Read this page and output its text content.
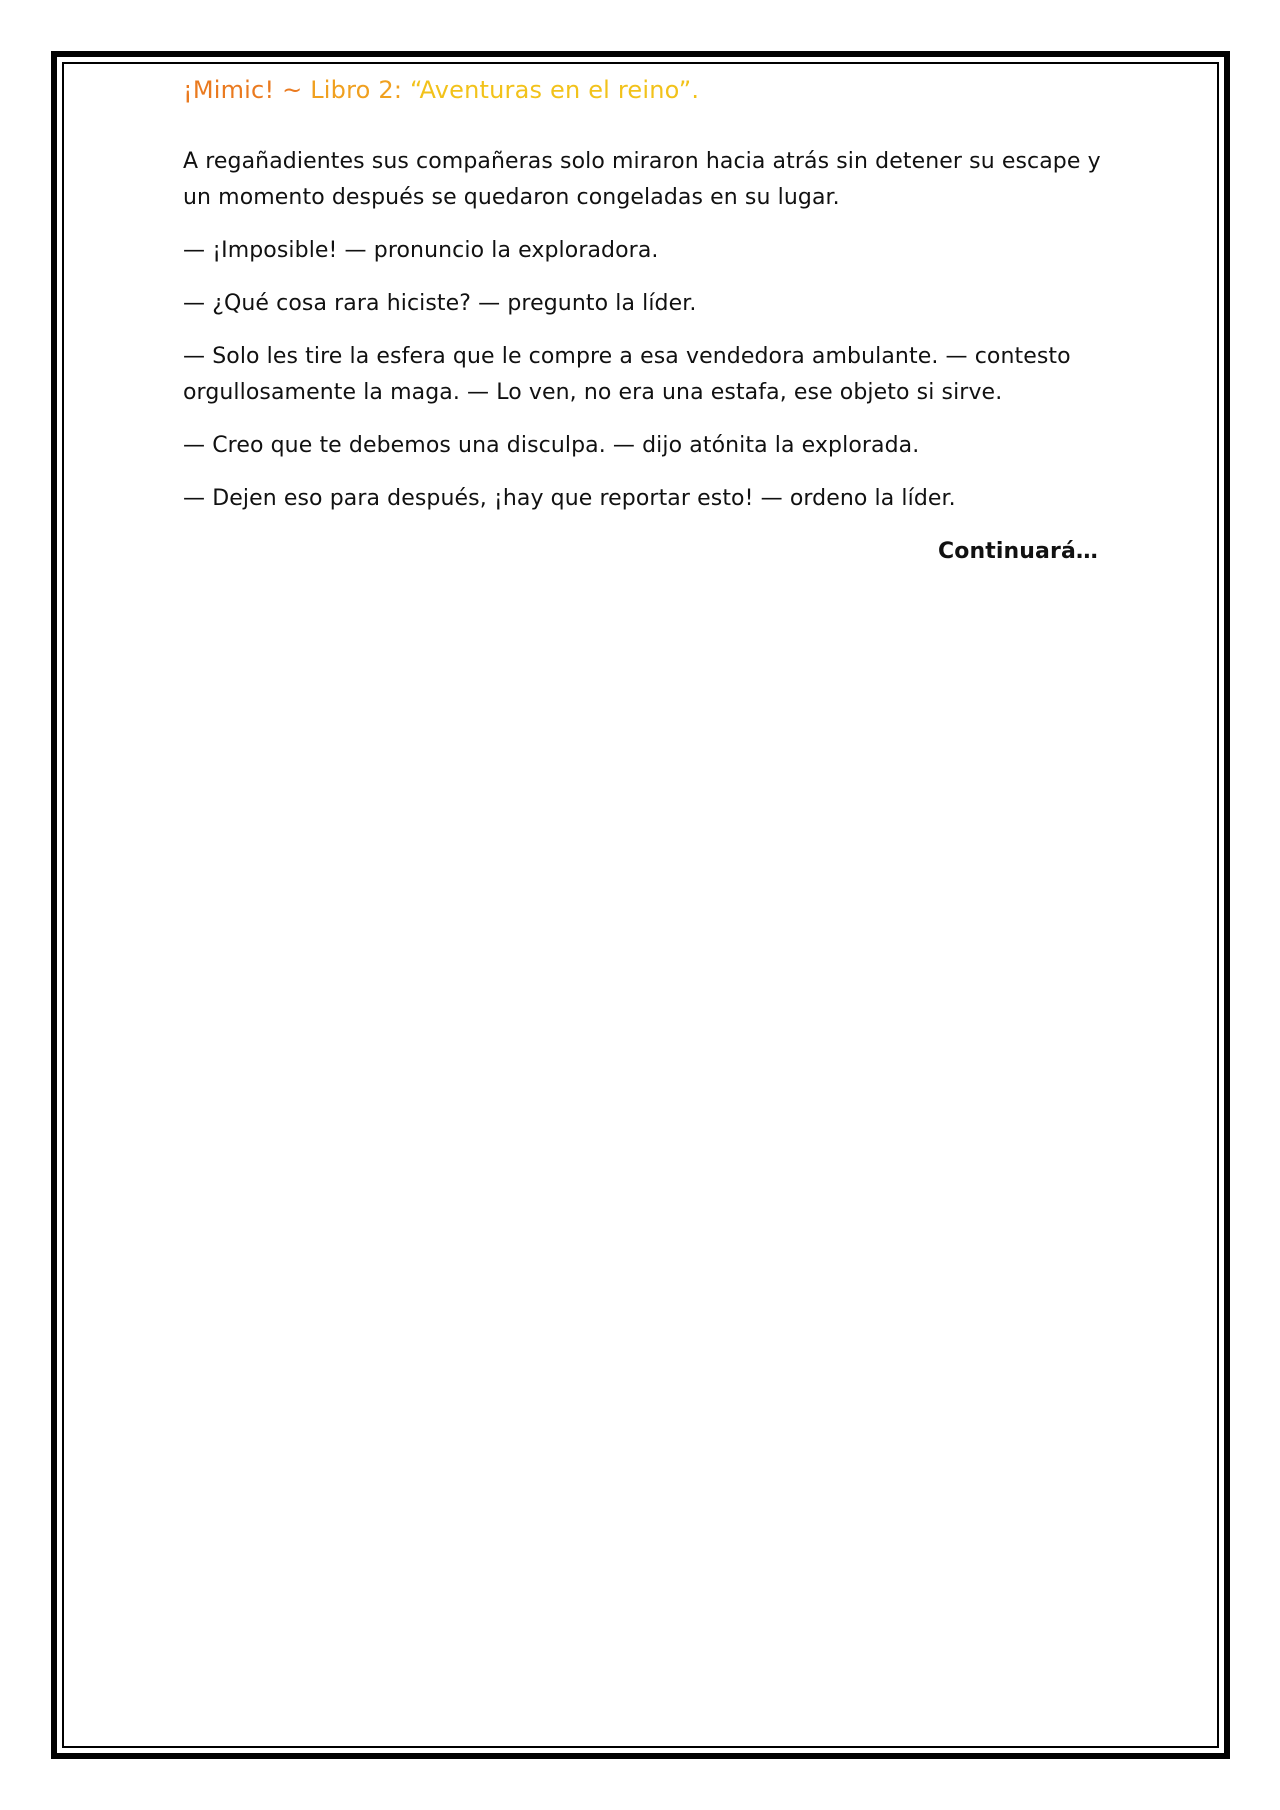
¡Mimic! ~ Libro 2: “Aventuras en el reino”.

A regañadientes sus compañeras solo miraron hacia atrás sin detener su escape y un momento después se quedaron congeladas en su lugar.

— ¡Imposible! — pronuncio la exploradora.

— ¿Qué cosa rara hiciste? — pregunto la líder.

— Solo les tire la esfera que le compre a esa vendedora ambulante. — contesto orgullosamente la maga. — Lo ven, no era una estafa, ese objeto si sirve.

— Creo que te debemos una disculpa. — dijo atónita la explorada.

— Dejen eso para después, ¡hay que reportar esto! — ordeno la líder.

Continuará…
